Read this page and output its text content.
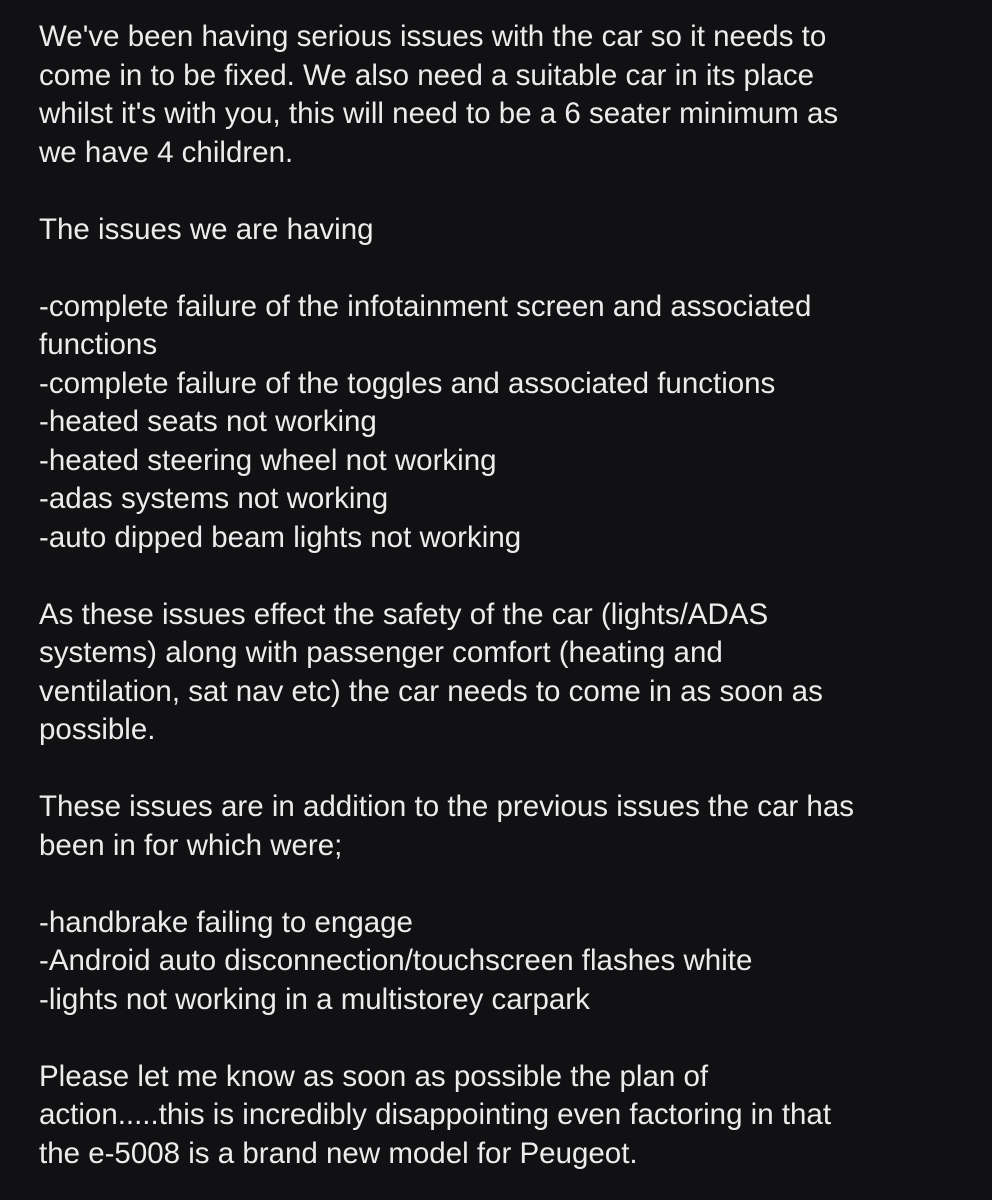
We've been having serious issues with the car so it needs to
come in to be fixed. We also need a suitable car in its place
whilst it's with you, this will need to be a 6 seater minimum as
we have 4 children.

The issues we are having

-complete failure of the infotainment screen and associated functions
-complete failure of the toggles and associated functions
-heated seats not working
-heated steering wheel not working
-adas systems not working
-auto dipped beam lights not working

As these issues effect the safety of the car (lights/ADAS
systems) along with passenger comfort (heating and
ventilation, sat nav etc) the car needs to come in as soon as
possible.

These issues are in addition to the previous issues the car has
been in for which were;

-handbrake failing to engage
-Android auto disconnection/touchscreen flashes white
-lights not working in a multistorey carpark

Please let me know as soon as possible the plan of
action.....this is incredibly disappointing even factoring in that
the e-5008 is a brand new model for Peugeot.
